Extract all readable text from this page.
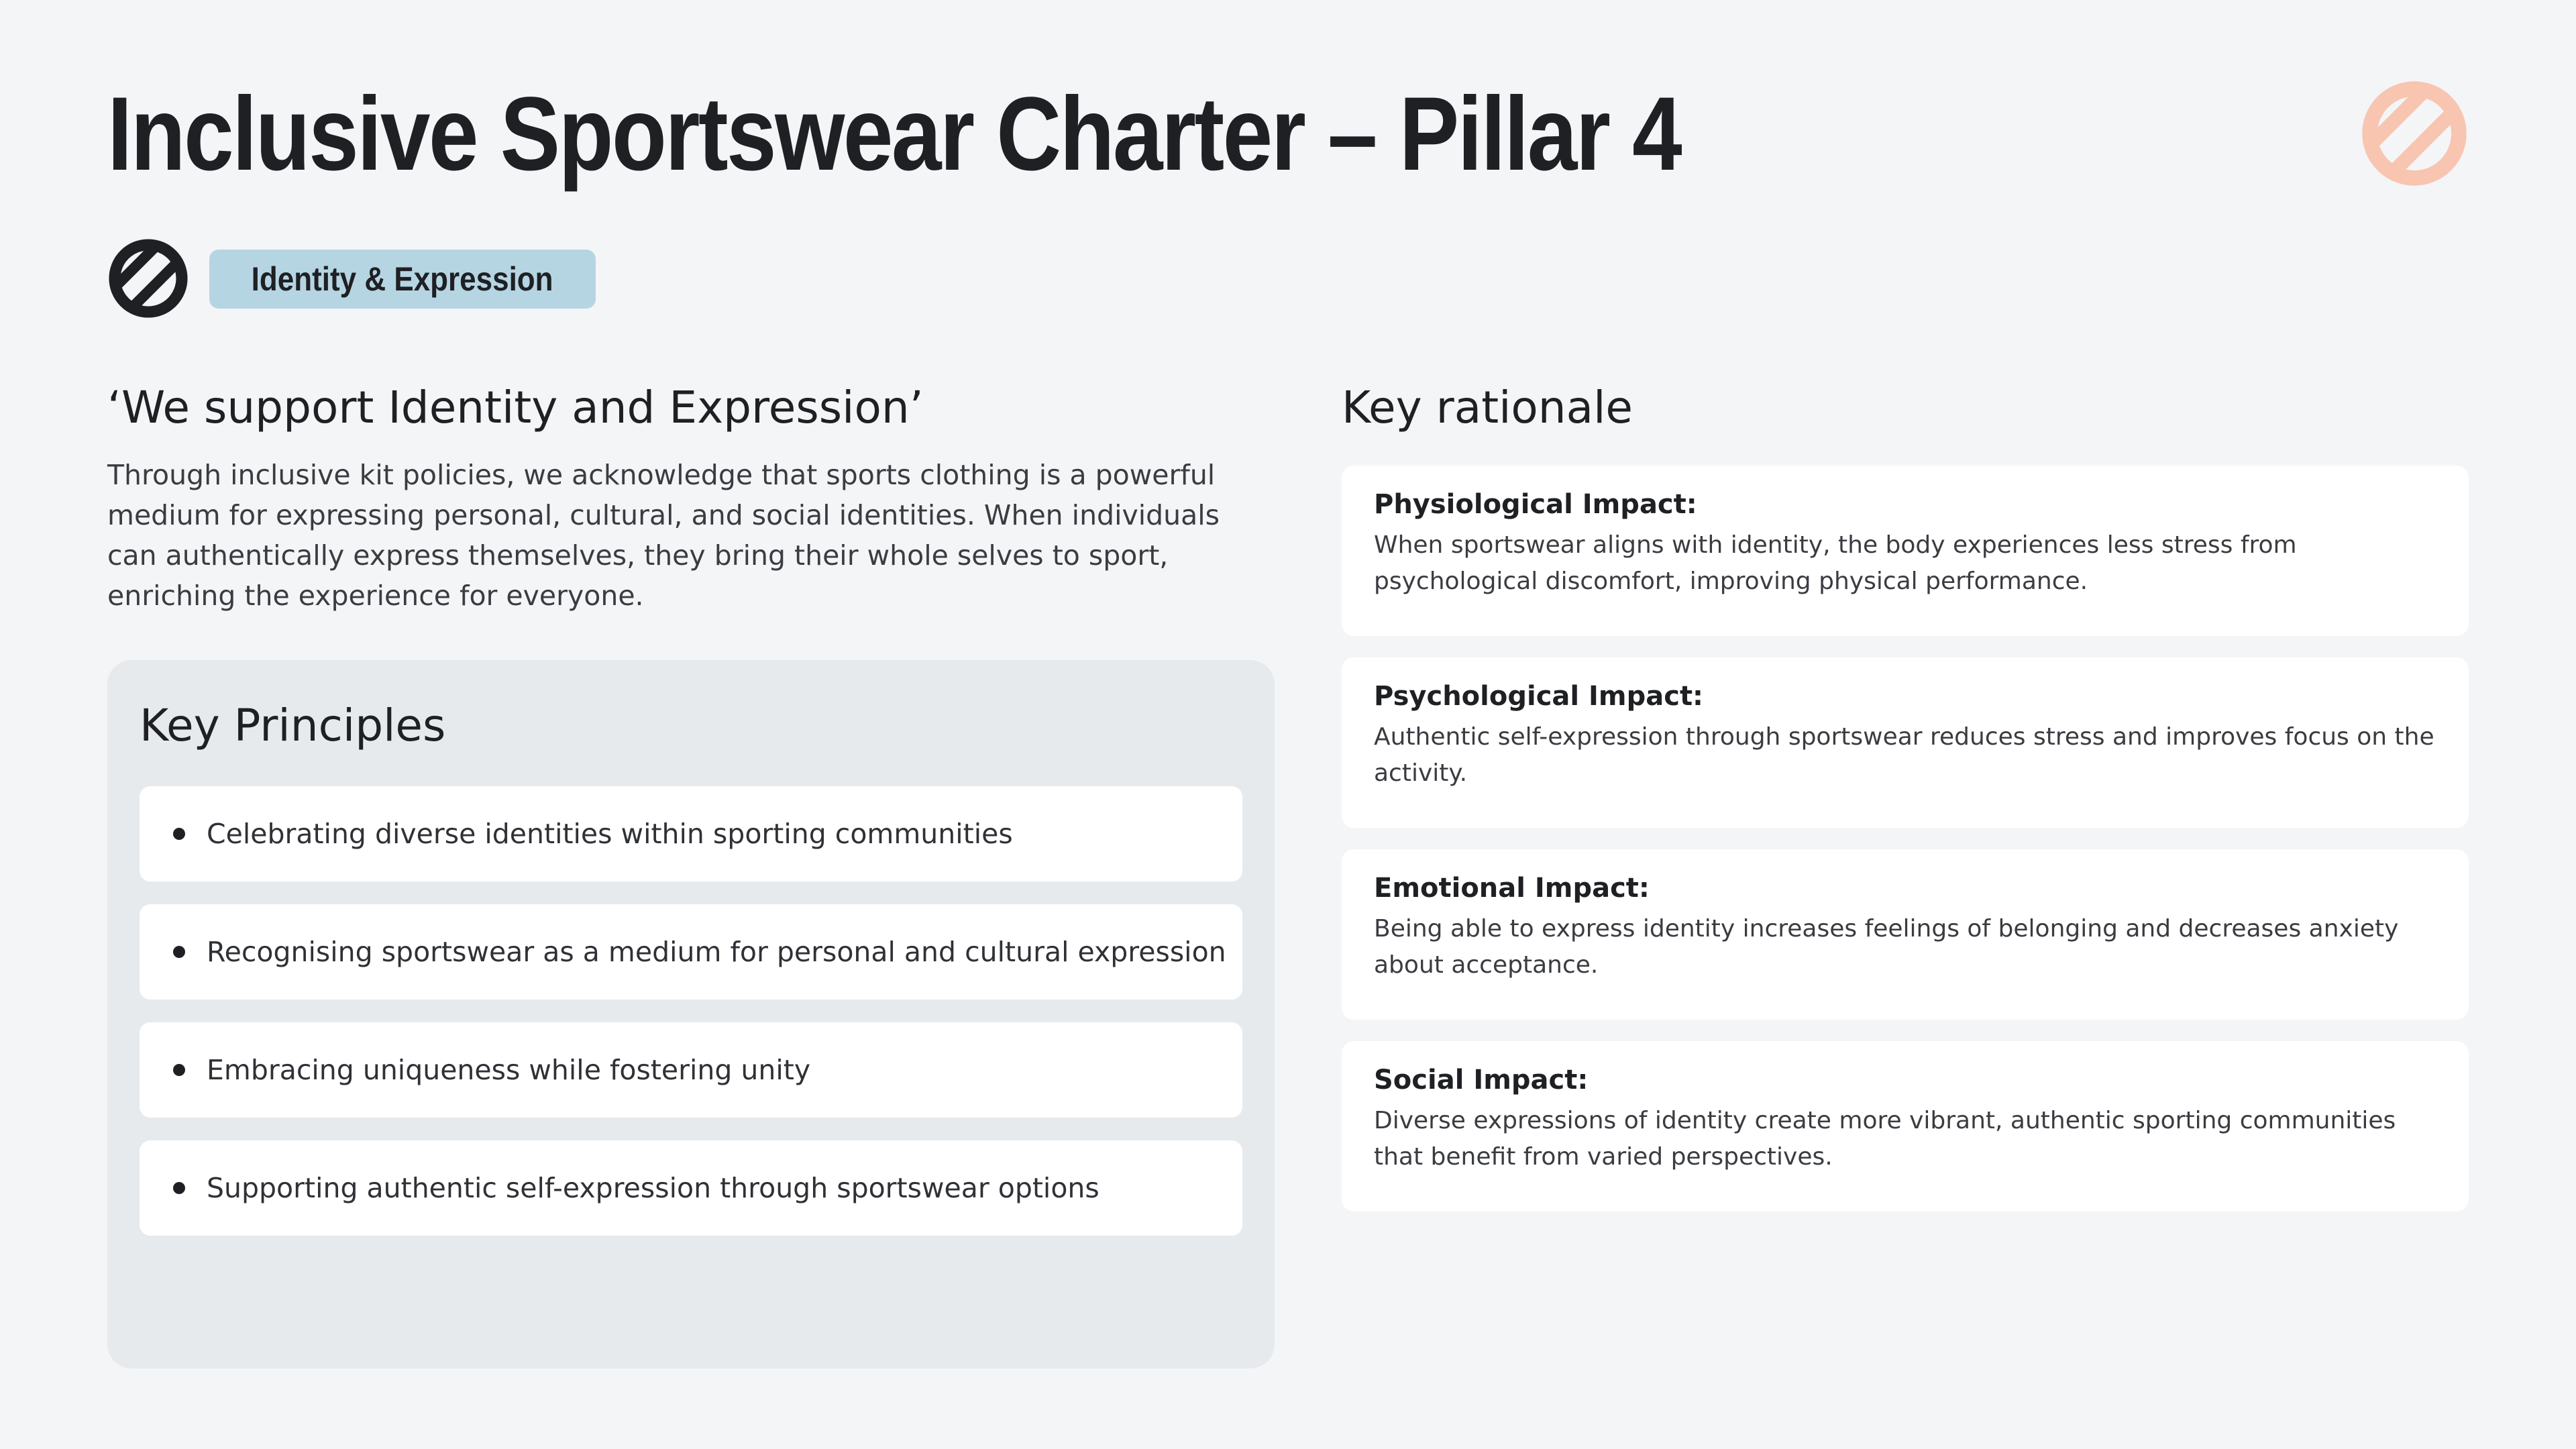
Inclusive Sportswear Charter – Pillar 4
Identity & Expression
‘We support Identity and Expression’

Through inclusive kit policies, we acknowledge that sports clothing is a powerful medium for expressing personal, cultural, and social identities. When individuals can authentically express themselves, they bring their whole selves to sport, enriching the experience for everyone.

Key Principles
Celebrating diverse identities within sporting communities
Recognising sportswear as a medium for personal and cultural expression
Embracing uniqueness while fostering unity
Supporting authentic self-expression through sportswear options
Key rationale

Physiological Impact:

When sportswear aligns with identity, the body experiences less stress from psychological discomfort, improving physical performance.

Psychological Impact:

Authentic self-expression through sportswear reduces stress and improves focus on the activity.

Emotional Impact:

Being able to express identity increases feelings of belonging and decreases anxiety about acceptance.

Social Impact:

Diverse expressions of identity create more vibrant, authentic sporting communities that benefit from varied perspectives.
